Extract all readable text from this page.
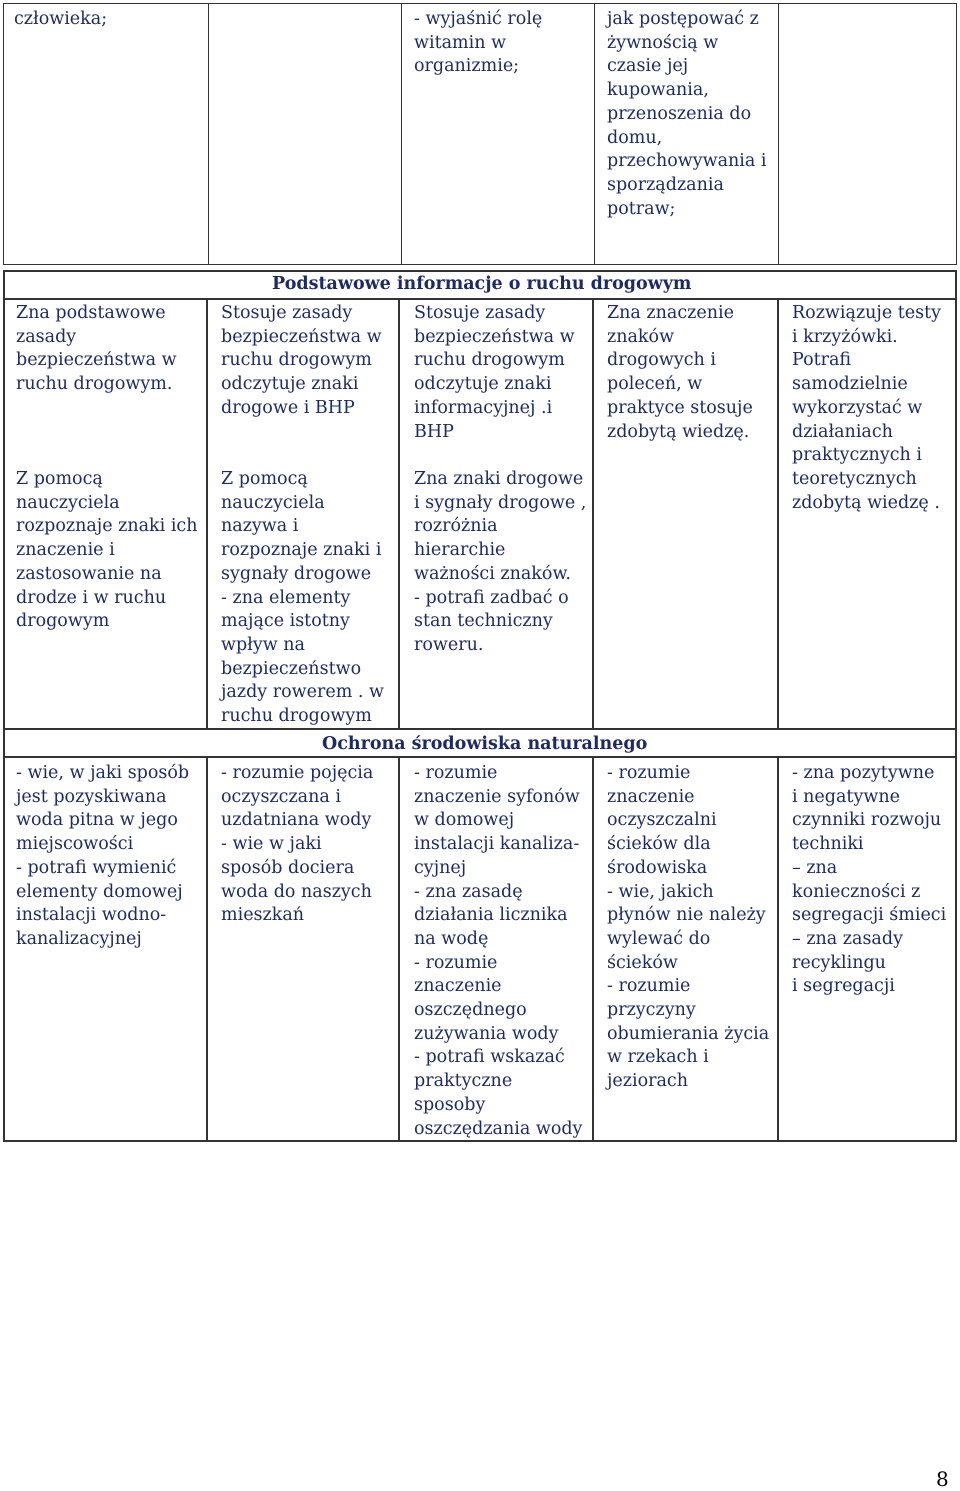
człowieka;	- wyjaśnić rolę
witamin w
organizmie;
jak postępować z
żywnością w
czasie jej
kupowania,
przenoszenia do
domu,
przechowywania i
sporządzania
potraw;
Podstawowe informacje o ruchu drogowym
Ochrona środowiska naturalnego
Zna podstawowe
zasady
bezpieczeństwa w
ruchu drogowym.
Z pomocą
nauczyciela
rozpoznaje znaki ich
znaczenie i
zastosowanie na
drodze i w ruchu
drogowym
Stosuje zasady
bezpieczeństwa w
ruchu drogowym
odczytuje znaki
drogowe i BHP
Z pomocą
nauczyciela
nazywa i
rozpoznaje znaki i
sygnały drogowe
- zna elementy
mające istotny
wpływ na
bezpieczeństwo
jazdy rowerem . w
ruchu drogowym
Stosuje zasady
bezpieczeństwa w
ruchu drogowym
odczytuje znaki
informacyjnej .i
BHP
Zna znaki drogowe
i sygnały drogowe ,
rozróżnia
hierarchie
ważności znaków.
- potrafi zadbać o
stan techniczny
roweru.
Zna znaczenie
znaków
drogowych i
poleceń, w
praktyce stosuje
zdobytą wiedzę.
Rozwiązuje testy
i krzyżówki.
Potrafi
samodzielnie
wykorzystać w
działaniach
praktycznych i
teoretycznych
zdobytą wiedzę .
- wie, w jaki sposób
jest pozyskiwana
woda pitna w jego
miejscowości
- potrafi wymienić
elementy domowej
instalacji wodno-
kanalizacyjnej
- rozumie pojęcia
oczyszczana i
uzdatniana wody
- wie w jaki
sposób dociera
woda do naszych
mieszkań
- rozumie
znaczenie syfonów
w domowej
instalacji kanaliza-
cyjnej
- zna zasadę
działania licznika
na wodę
- rozumie
znaczenie
oszczędnego
zużywania wody
- potrafi wskazać
praktyczne
sposoby
oszczędzania wody
- rozumie
znaczenie
oczyszczalni
ścieków dla
środowiska
- wie, jakich
płynów nie należy
wylewać do
ścieków
- rozumie
przyczyny
obumierania życia
w rzekach i
jeziorach
- zna pozytywne
i negatywne
czynniki rozwoju
techniki
– zna
konieczności z
segregacji śmieci
– zna zasady
recyklingu
i segregacji
8
